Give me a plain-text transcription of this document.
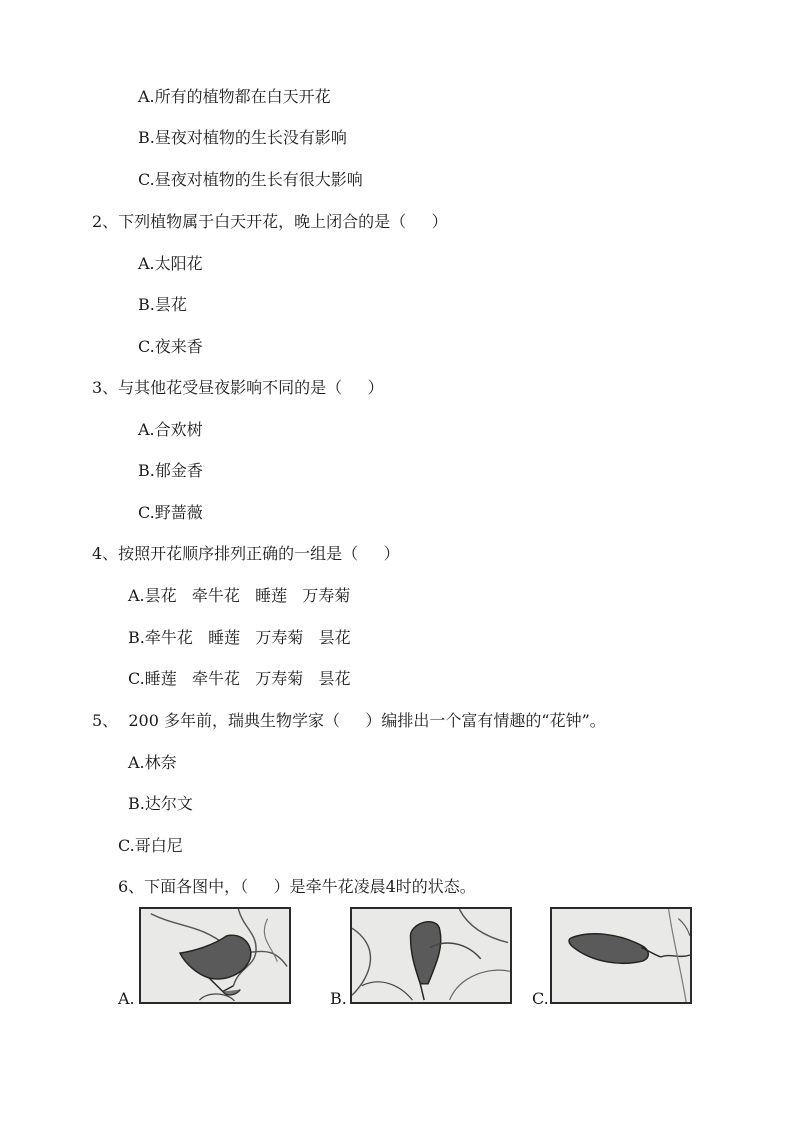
A.所有的植物都在白天开花
B.昼夜对植物的生长没有影响
C.昼夜对植物的生长有很大影响
2、下列植物属于白天开花，晚上闭合的是（     ）
A.太阳花
B.昙花
C.夜来香
3、与其他花受昼夜影响不同的是（     ）
A.合欢树
B.郁金香
C.野蔷薇
4、按照开花顺序排列正确的一组是（     ）
A.昙花   牵牛花   睡莲   万寿菊
B.牵牛花   睡莲   万寿菊   昙花
C.睡莲   牵牛花   万寿菊   昙花
5、  200 多年前，瑞典生物学家（     ）编排出一个富有情趣的“花钟”。
A.林奈
B.达尔文
C.哥白尼
6、下面各图中，（     ）是牵牛花凌晨4时的状态。
A.	B.	C.
